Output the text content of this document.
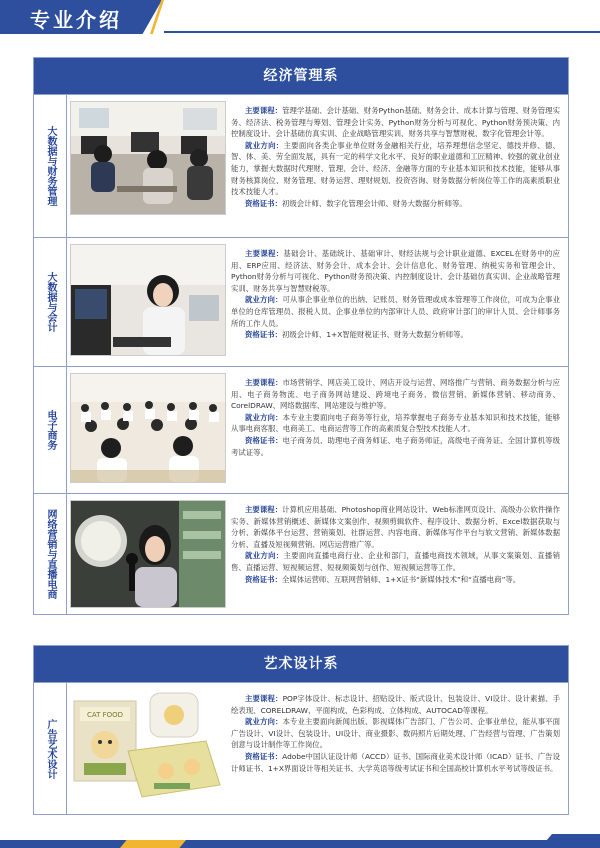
专业介绍
经济管理系
大数据与财务管理

主要课程：管理学基础、会计基础、财务Python基础、财务会计、成本计算与管理、财务管理实务、经济法、税务管理与筹划、管理会计实务、Python财务分析与可视化、Python财务预决策、内控制度设计、会计基础仿真实训、企业战略管理实训、财务共享与智慧财税、数字化管理会计等。

就业方向：主要面向各类企事业单位财务金融相关行业，培养理想信念坚定、德技并修、德、智、体、美、劳全面发展，具有一定的科学文化水平、良好的职业道德和工匠精神、较强的就业创业能力，掌握大数据时代理财、管理、会计、经济、金融等方面的专业基本知识和技术技能，能够从事财务核算岗位、财务管理、财务运营、理财规划、投资咨询、财务数据分析岗位等工作的高素质职业技术技能人才。

资格证书：初级会计师、数字化管理会计师、财务大数据分析师等。

大数据与会计

主要课程：基础会计、基础统计、基础审计、财经法规与会计职业道德、EXCEL在财务中的应用、ERP应用、经济法、财务会计、成本会计、会计信息化、财务管理、纳税实务和管理会计、Python财务分析与可视化、Python财务预决策、内控制度设计、会计基础仿真实训、企业战略管理实训、财务共享与智慧财税等。

就业方向：可从事企事业单位的出纳、记账员、财务管理或成本管理等工作岗位，可成为企事业单位的仓库管理员、报税人员、企事业单位的内部审计人员、政府审计部门的审计人员、会计师事务所的工作人员。

资格证书：初级会计师、1+X智能财税证书、财务大数据分析师等。

电子商务

主要课程：市场营销学、网店美工设计、网店开设与运营、网络推广与营销、商务数据分析与应用、电子商务物流、电子商务网站建设、跨境电子商务、微信营销、新媒体营销、移动商务、CorelDRAW、网络数据库、网站建设与维护等。

就业方向：本专业主要面向电子商务等行业，培养掌握电子商务专业基本知识和技术技能，能够从事电商客服、电商美工、电商运营等工作的高素质复合型技术技能人才。

资格证书：电子商务员、助理电子商务师证、电子商务师证，高级电子商务证、全国计算机等级考试证等。

网络营销与直播电商	主要课程：计算机应用基础、Photoshop商业网站设计、Web标准网页设计、高级办公软件操作实务、新媒体营销概述、新媒体文案创作、视频剪辑软件、程序设计、数据分析、Excel数据获取与分析、新媒体平台运营、营销策划、社群运营、内容电商、新媒体写作平台与软文营销、新媒体数据分析、直播及短视频营销、网店运营推广等。

就业方向：主要面向直播电商行业、企业和部门，直播电商技术领域，从事文案策划、直播销售、直播运营、短视频运营、短视频策划与创作、短视频运营等工作。

资格证书：全媒体运营师、互联网营销师、1+X证书“新媒体技术”和“直播电商”等。

艺术设计系
广告艺术设计
CAT FOOD

主要课程：POP字体设计、标志设计、招贴设计、版式设计、包装设计、VI设计、设计素描、手绘表现、CORELDRAW、平面构成、色彩构成、立体构成、AUTOCAD等课程。

就业方向：本专业主要面向新闻出版、影视媒体广告部门、广告公司、企事业单位，能从事平面广告设计、VI设计、包装设计、UI设计、商业摄影、数码照片后期处理、广告经营与管理、广告策划创意与设计制作等工作岗位。

资格证书：Adobe中国认证设计师（ACCD）证书、国际商业美术设计师（ICAD）证书、广告设计师证书、1+X界面设计等相关证书、大学英语等级考试证书和全国高校计算机水平考试等级证书。
